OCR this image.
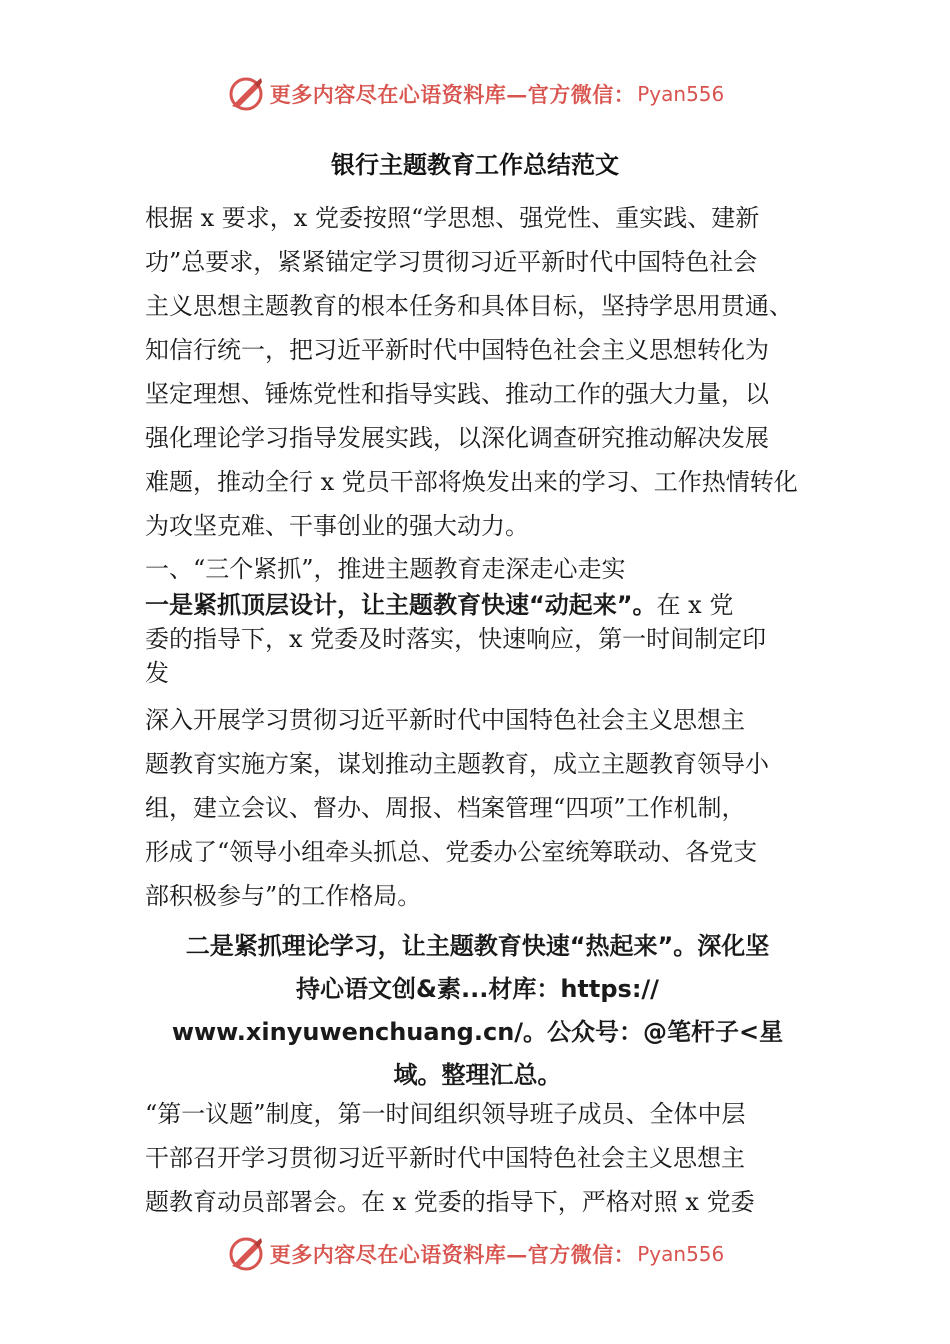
更多内容尽在心语资料库—官方微信： Pyan556
银行主题教育工作总结范文
根据 x 要求，x 党委按照“学思想、强党性、重实践、建新
功”总要求，紧紧锚定学习贯彻习近平新时代中国特色社会
主义思想主题教育的根本任务和具体目标，坚持学思用贯通、
知信行统一，把习近平新时代中国特色社会主义思想转化为
坚定理想、锤炼党性和指导实践、推动工作的强大力量，以
强化理论学习指导发展实践，以深化调查研究推动解决发展
难题，推动全行 x 党员干部将焕发出来的学习、工作热情转化
为攻坚克难、干事创业的强大动力。
一、“三个紧抓”，推进主题教育走深走心走实
一是紧抓顶层设计，让主题教育快速“动起来”。在 x 党
委的指导下，x 党委及时落实，快速响应，第一时间制定印
发
深入开展学习贯彻习近平新时代中国特色社会主义思想主
题教育实施方案，谋划推动主题教育，成立主题教育领导小
组，建立会议、督办、周报、档案管理“四项”工作机制，
形成了“领导小组牵头抓总、党委办公室统筹联动、各党支
部积极参与”的工作格局。
二是紧抓理论学习，让主题教育快速“热起来”。深化坚
持心语文创&素...材库：https://
www.xinyuwenchuang.cn/。公众号：@笔杆子<星
域。整理汇总。
“第一议题”制度，第一时间组织领导班子成员、全体中层
干部召开学习贯彻习近平新时代中国特色社会主义思想主
题教育动员部署会。在 x 党委的指导下，严格对照 x 党委
更多内容尽在心语资料库—官方微信： Pyan556
